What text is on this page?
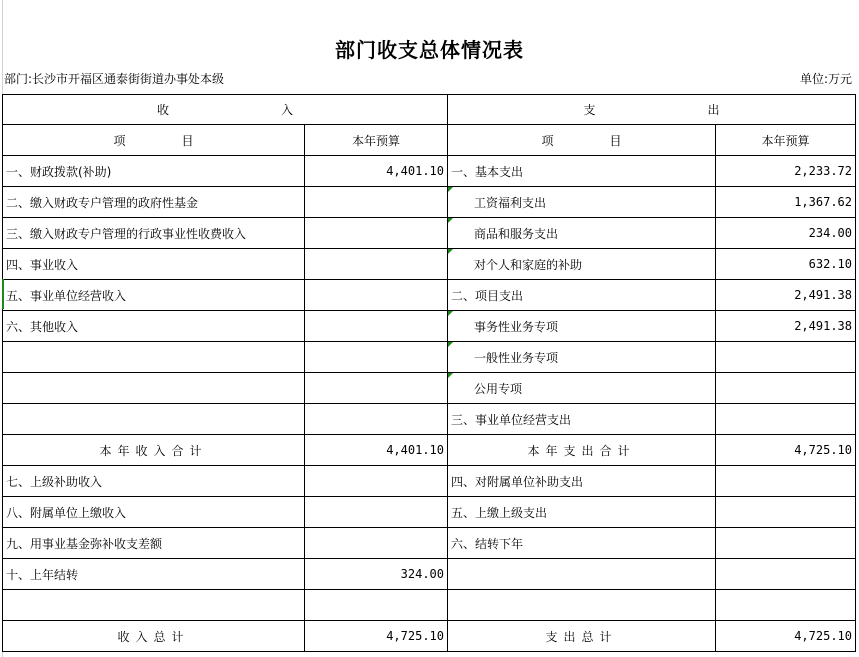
部门收支总体情况表
部门:长沙市开福区通泰街街道办事处本级	单位:万元
收 入		支 出	
项 目	本年预算	项 目	本年预算
一、财政拨款(补助)	4,401.10	一、基本支出	2,233.72
二、缴入财政专户管理的政府性基金		工资福利支出	1,367.62
三、缴入财政专户管理的行政事业性收费收入		商品和服务支出	234.00
四、事业收入		对个人和家庭的补助	632.10
五、事业单位经营收入		二、项目支出	2,491.38
六、其他收入		事务性业务专项	2,491.38
		一般性业务专项	
		公用专项	
		三、事业单位经营支出	
本年收入合计	4,401.10	本年支出合计	4,725.10
七、上级补助收入		四、对附属单位补助支出	
八、附属单位上缴收入		五、上缴上级支出	
九、用事业基金弥补收支差额		六、结转下年	
十、上年结转	324.00		

收入总计	4,725.10	支出总计	4,725.10
